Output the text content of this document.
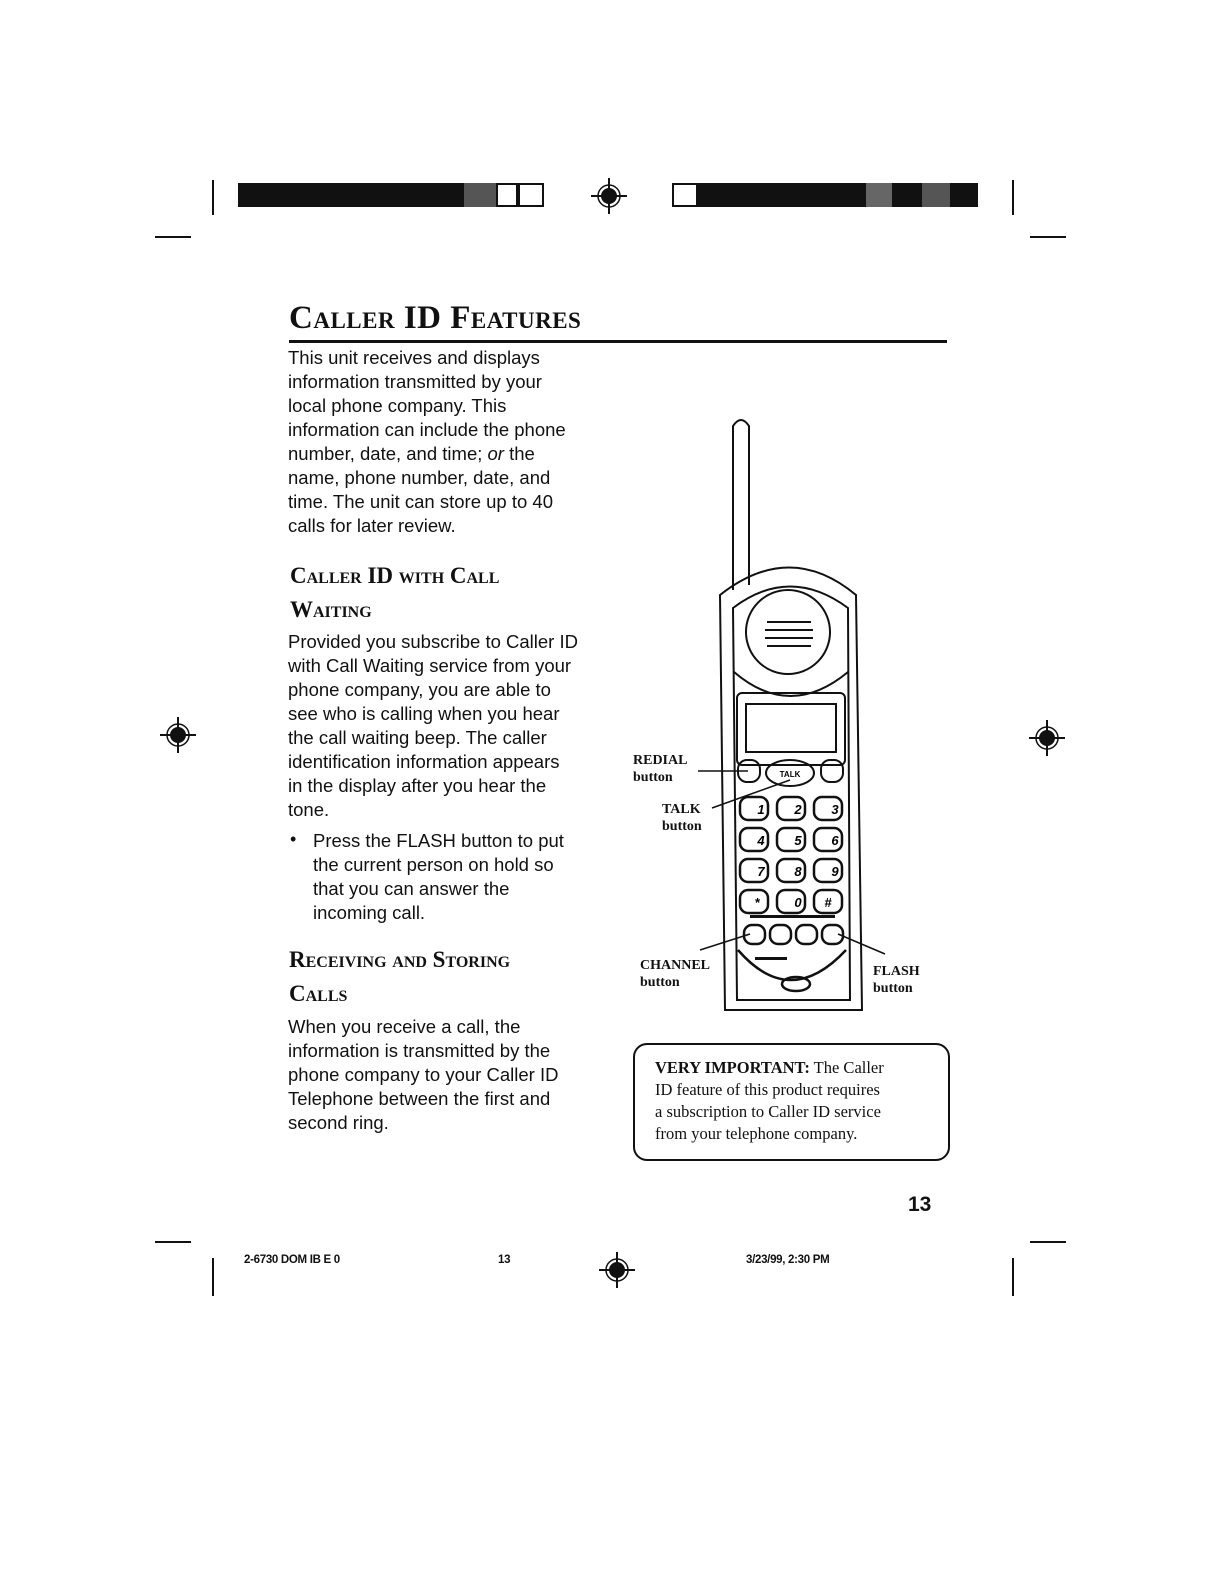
Caller ID Features
This unit receives and displays
information transmitted by your
local phone company. This
information can include the phone
number, date, and time; or the
name, phone number, date, and
time. The unit can store up to 40
calls for later review.
Caller ID with Call
Waiting
Provided you subscribe to Caller ID
with Call Waiting service from your
phone company, you are able to
see who is calling when you hear
the call waiting beep. The caller
identification information appears
in the display after you hear the
tone.
• Press the FLASH button to put
the current person on hold so
that you can answer the
incoming call.
Receiving and Storing
Calls
When you receive a call, the
information is transmitted by the
phone company to your Caller ID
Telephone between the first and
second ring.
TALK
1 2 3
4 5 6
7 8 9
*	0 #
REDIAL
button
TALK
button
CHANNEL
button
FLASH
button
VERY IMPORTANT: The Caller
ID feature of this product requires
a subscription to Caller ID service
from your telephone company.
13
2-6730 DOM IB E 0	13	3/23/99, 2:30 PM
